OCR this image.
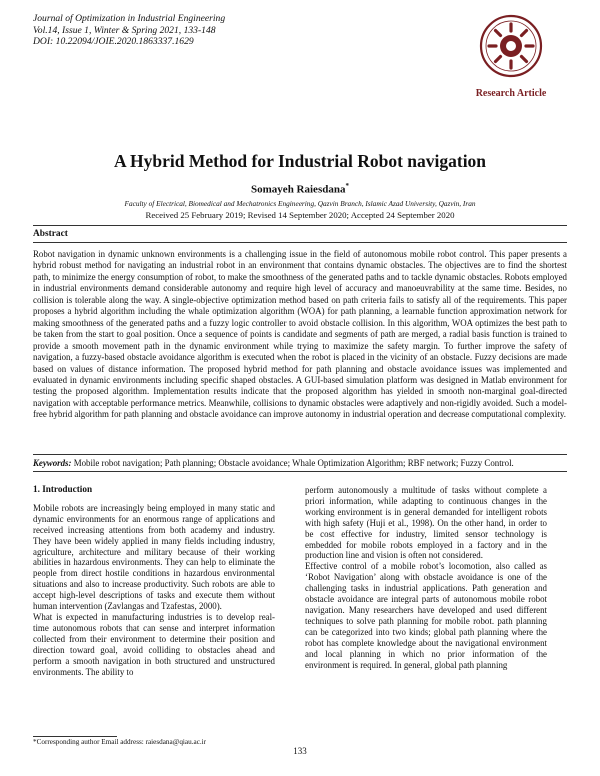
Journal of Optimization in Industrial Engineering
Vol.14, Issue 1, Winter & Spring 2021, 133-148
DOI: 10.22094/JOIE.2020.1863337.1629
Research Article
A Hybrid Method for Industrial Robot navigation
Somayeh Raiesdana*
Faculty of Electrical, Biomedical and Mechatronics Engineering, Qazvin Branch, Islamic Azad University, Qazvin, Iran
Received 25 February 2019; Revised 14 September 2020; Accepted 24 September 2020
Abstract
Robot navigation in dynamic unknown environments is a challenging issue in the field of autonomous mobile robot control. This paper presents a hybrid robust method for navigating an industrial robot in an environment that contains dynamic obstacles. The objectives are to find the shortest path, to minimize the energy consumption of robot, to make the smoothness of the generated paths and to tackle dynamic obstacles. Robots employed in industrial environments demand considerable autonomy and require high level of accuracy and manoeuvrability at the same time. Besides, no collision is tolerable along the way. A single-objective optimization method based on path criteria fails to satisfy all of the requirements. This paper proposes a hybrid algorithm including the whale optimization algorithm (WOA) for path planning, a learnable function approximation network for making smoothness of the generated paths and a fuzzy logic controller to avoid obstacle collision. In this algorithm, WOA optimizes the best path to be taken from the start to goal position. Once a sequence of points is candidate and segments of path are merged, a radial basis function is trained to provide a smooth movement path in the dynamic environment while trying to maximize the safety margin. To further improve the safety of navigation, a fuzzy-based obstacle avoidance algorithm is executed when the robot is placed in the vicinity of an obstacle. Fuzzy decisions are made based on values of distance information. The proposed hybrid method for path planning and obstacle avoidance issues was implemented and evaluated in dynamic environments including specific shaped obstacles. A GUI-based simulation platform was designed in Matlab environment for testing the proposed algorithm. Implementation results indicate that the proposed algorithm has yielded in smooth non-marginal goal-directed navigation with acceptable performance metrics. Meanwhile, collisions to dynamic obstacles were adaptively and non-rigidly avoided. Such a model-free hybrid algorithm for path planning and obstacle avoidance can improve autonomy in industrial operation and decrease computational complexity.
Keywords: Mobile robot navigation; Path planning; Obstacle avoidance; Whale Optimization Algorithm; RBF network; Fuzzy Control.

1. Introduction

Mobile robots are increasingly being employed in many static and dynamic environments for an enormous range of applications and received increasing attentions from both academy and industry. They have been widely applied in many fields including industry, agriculture, architecture and military because of their working abilities in hazardous environments. They can help to eliminate the people from direct hostile conditions in hazardous environmental situations and also to increase productivity. Such robots are able to accept high-level descriptions of tasks and execute them without human intervention (Zavlangas and Tzafestas, 2000).

What is expected in manufacturing industries is to develop real-time autonomous robots that can sense and interpret information collected from their environment to determine their position and direction toward goal, avoid colliding to obstacles ahead and perform a smooth navigation in both structured and unstructured environments. The ability to

perform autonomously a multitude of tasks without complete a priori information, while adapting to continuous changes in the working environment is in general demanded for intelligent robots with high safety (Huji et al., 1998). On the other hand, in order to be cost effective for industry, limited sensor technology is embedded for mobile robots employed in a factory and in the production line and vision is often not considered.

Effective control of a mobile robot’s locomotion, also called as ‘Robot Navigation’ along with obstacle avoidance is one of the challenging tasks in industrial applications. Path generation and obstacle avoidance are integral parts of autonomous mobile robot navigation. Many researchers have developed and used different techniques to solve path planning for mobile robot. path planning can be categorized into two kinds; global path planning where the robot has complete knowledge about the navigational environment and local planning in which no prior information of the environment is required. In general, global path planning

*Corresponding author Email address: raiesdana@qiau.ac.ir
133
